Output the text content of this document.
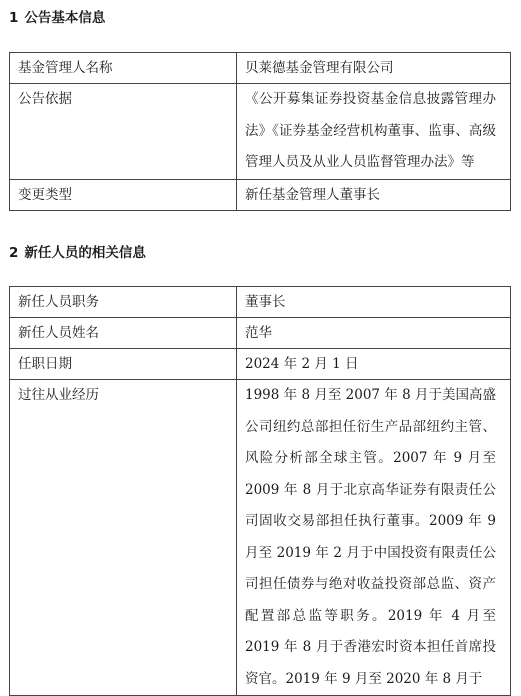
1 公告基本信息
基金管理人名称	贝莱德基金管理有限公司
公告依据	《公开募集证券投资基金信息披露管理办法》《证券基金经营机构董事、监事、高级管理人员及从业人员监督管理办法》等
变更类型	新任基金管理人董事长
2 新任人员的相关信息
新任人员职务	董事长
新任人员姓名	范华
任职日期	2024 年 2 月 1 日
过往从业经历	1998 年 8 月至 2007 年 8 月于美国高盛公司纽约总部担任衍生产品部纽约主管、风险分析部全球主管。2007 年 9 月至 2009 年 8 月于北京高华证券有限责任公司固收交易部担任执行董事。2009 年 9 月至 2019 年 2 月于中国投资有限责任公司担任债券与绝对收益投资部总监、资产配置部总监等职务。2019 年 4 月至 2019 年 8 月于香港宏时资本担任首席投资官。2019 年 9 月至 2020 年 8 月于
